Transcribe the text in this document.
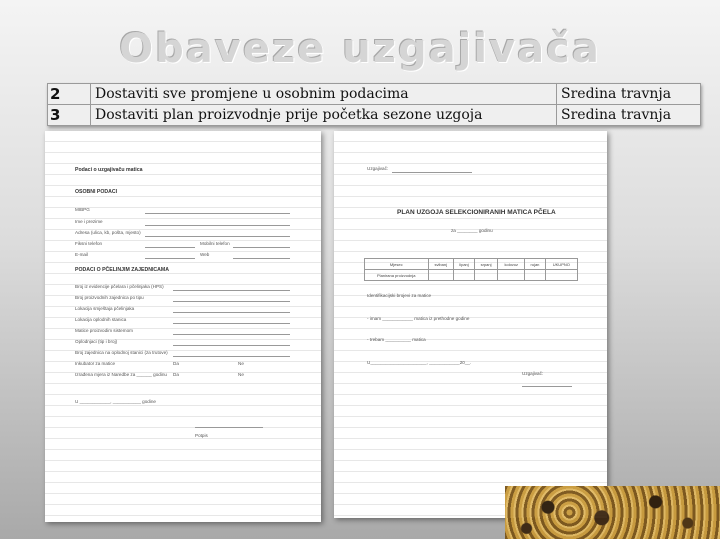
Obaveze uzgajivača
2	Dostaviti sve promjene u osobnim podacima	Sredina travnja
3	Dostaviti plan proizvodnje prije početka sezone uzgoja	Sredina travnja
Podaci o uzgajivaču matica
OSOBNI PODACI
MIBPG
Ime i prezime
Adresa (ulica, kb, pošta, mjesto)
Fiksni telefon	Mobilni telefon
E-mail	Web
PODACI O PČELINJIM ZAJEDNICAMA
Broj iz evidencije pčelara i pčelinjaka (HPS)
Broj proizvodnih zajednica po tipu
Lokacija smještaja pčelinjaka
Lokacija oplodnih stanica
Matice proizvodim sistemom
Oplodnjaci (tip i broj)
Broj zajednica na oplodnoj stanici (za trutove)
Inkubator za matice	Da	Ne
Izrađena mjera iz Naredbe za ______ godinu Da	Ne
U ____________, ___________ godine
Potpis
Uzgajivač:
PLAN UZGOJA SELEKCIONIRANIH MATICA PČELA
za ________ godinu
Mjesec	svibanj	lipanj	srpanj	kolovoz	rujan	UKUPNO
Planirana proizvodnja						
Identifikacijski brojevi za matice
- imam ____________ matica iz prethodne godine
- trebam __________ matica
U______________________, ____________20__.
Uzgajivač:
